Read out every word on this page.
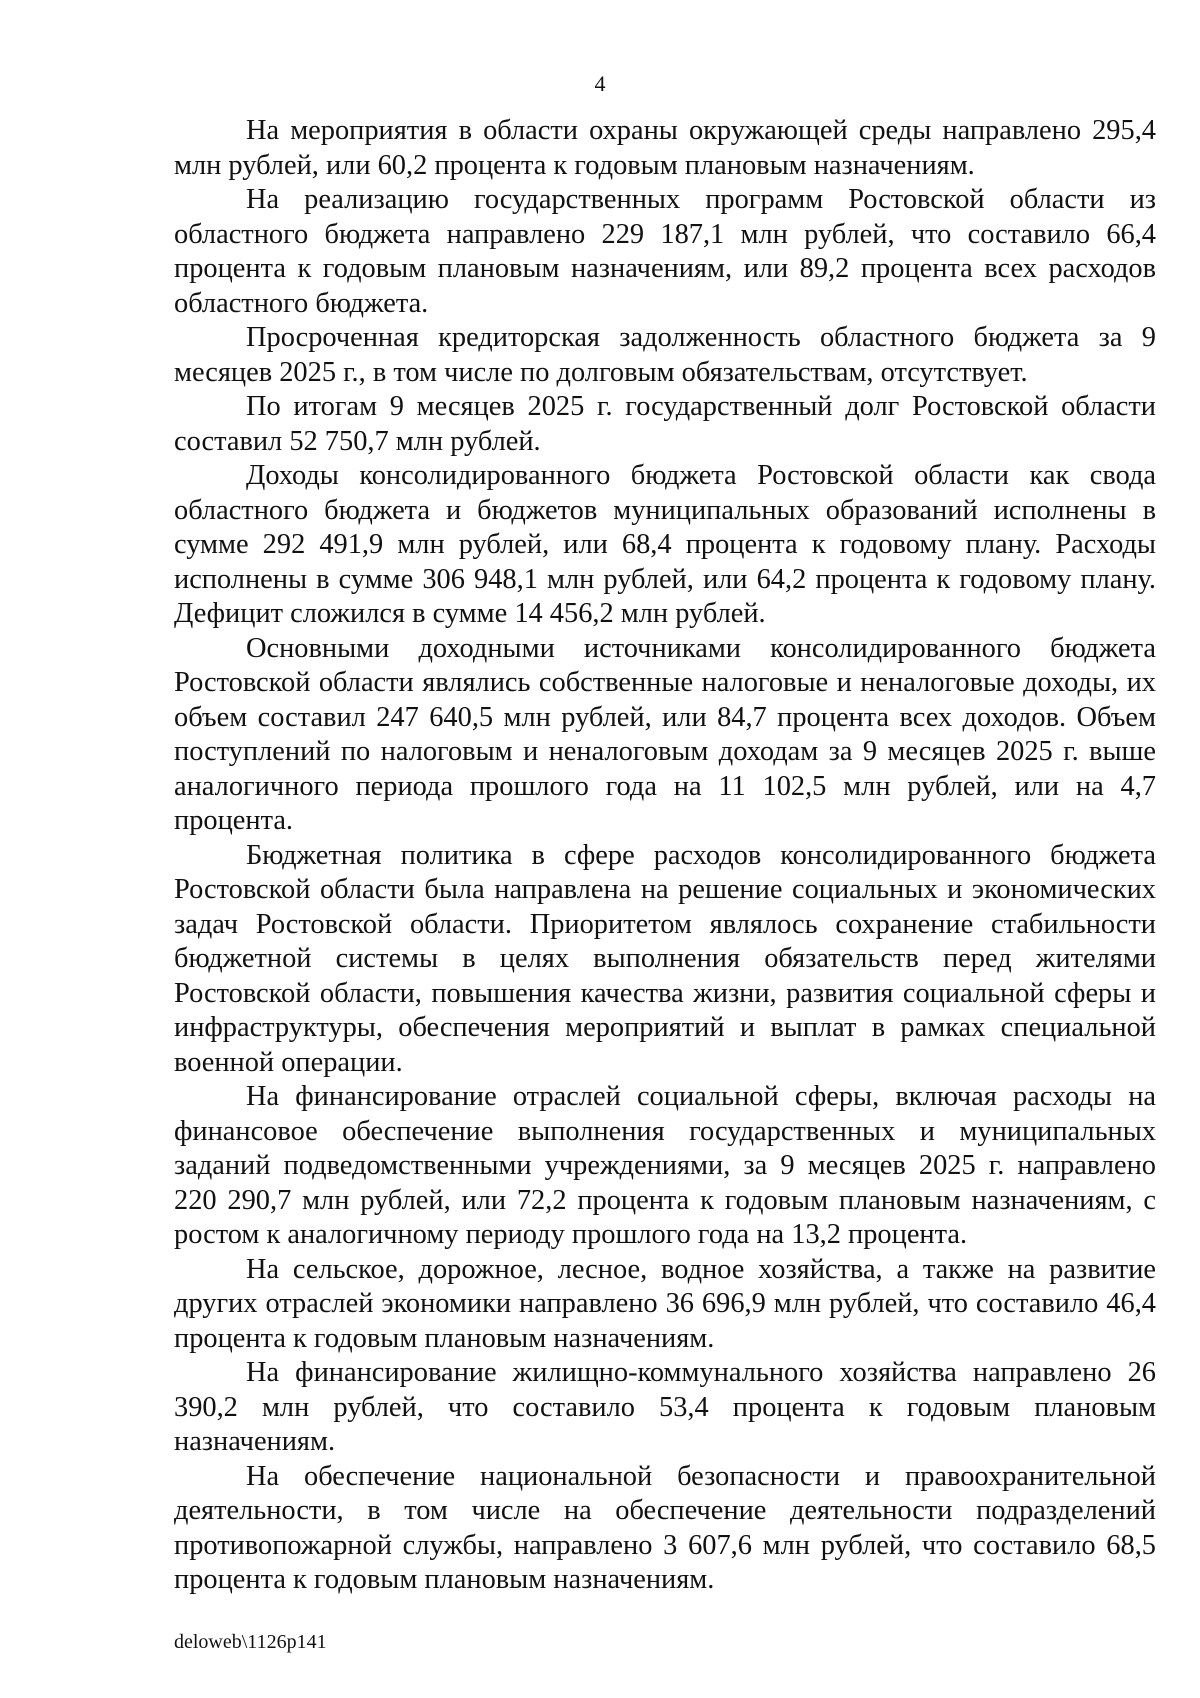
4

На мероприятия в области охраны окружающей среды направлено 295,4 млн рублей, или 60,2 процента к годовым плановым назначениям.

На реализацию государственных программ Ростовской области из областного бюджета направлено 229 187,1 млн рублей, что составило 66,4 процента к годовым плановым назначениям, или 89,2 процента всех расходов областного бюджета.

Просроченная кредиторская задолженность областного бюджета за 9 месяцев 2025 г., в том числе по долговым обязательствам, отсутствует.

По итогам 9 месяцев 2025 г. государственный долг Ростовской области составил 52 750,7 млн рублей.

Доходы консолидированного бюджета Ростовской области как свода областного бюджета и бюджетов муниципальных образований исполнены в сумме 292 491,9 млн рублей, или 68,4 процента к годовому плану. Расходы исполнены в сумме 306 948,1 млн рублей, или 64,2 процента к годовому плану. Дефицит сложился в сумме 14 456,2 млн рублей.

Основными доходными источниками консолидированного бюджета Ростовской области являлись собственные налоговые и неналоговые доходы, их объем составил 247 640,5 млн рублей, или 84,7 процента всех доходов. Объем поступлений по налоговым и неналоговым доходам за 9 месяцев 2025 г. выше аналогичного периода прошлого года на 11 102,5 млн рублей, или на 4,7 процента.

Бюджетная политика в сфере расходов консолидированного бюджета Ростовской области была направлена на решение социальных и экономических задач Ростовской области. Приоритетом являлось сохранение стабильности бюджетной системы в целях выполнения обязательств перед жителями Ростовской области, повышения качества жизни, развития социальной сферы и инфраструктуры, обеспечения мероприятий и выплат в рамках специальной военной операции.

На финансирование отраслей социальной сферы, включая расходы на финансовое обеспечение выполнения государственных и муниципальных заданий подведомственными учреждениями, за 9 месяцев 2025 г. направлено 220 290,7 млн рублей, или 72,2 процента к годовым плановым назначениям, с ростом к аналогичному периоду прошлого года на 13,2 процента.

На сельское, дорожное, лесное, водное хозяйства, а также на развитие других отраслей экономики направлено 36 696,9 млн рублей, что составило 46,4 процента к годовым плановым назначениям.

На финансирование жилищно-коммунального хозяйства направлено 26 390,2 млн рублей, что составило 53,4 процента к годовым плановым назначениям.

На обеспечение национальной безопасности и правоохранительной деятельности, в том числе на обеспечение деятельности подразделений противопожарной службы, направлено 3 607,6 млн рублей, что составило 68,5 процента к годовым плановым назначениям.

deloweb\1126p141
